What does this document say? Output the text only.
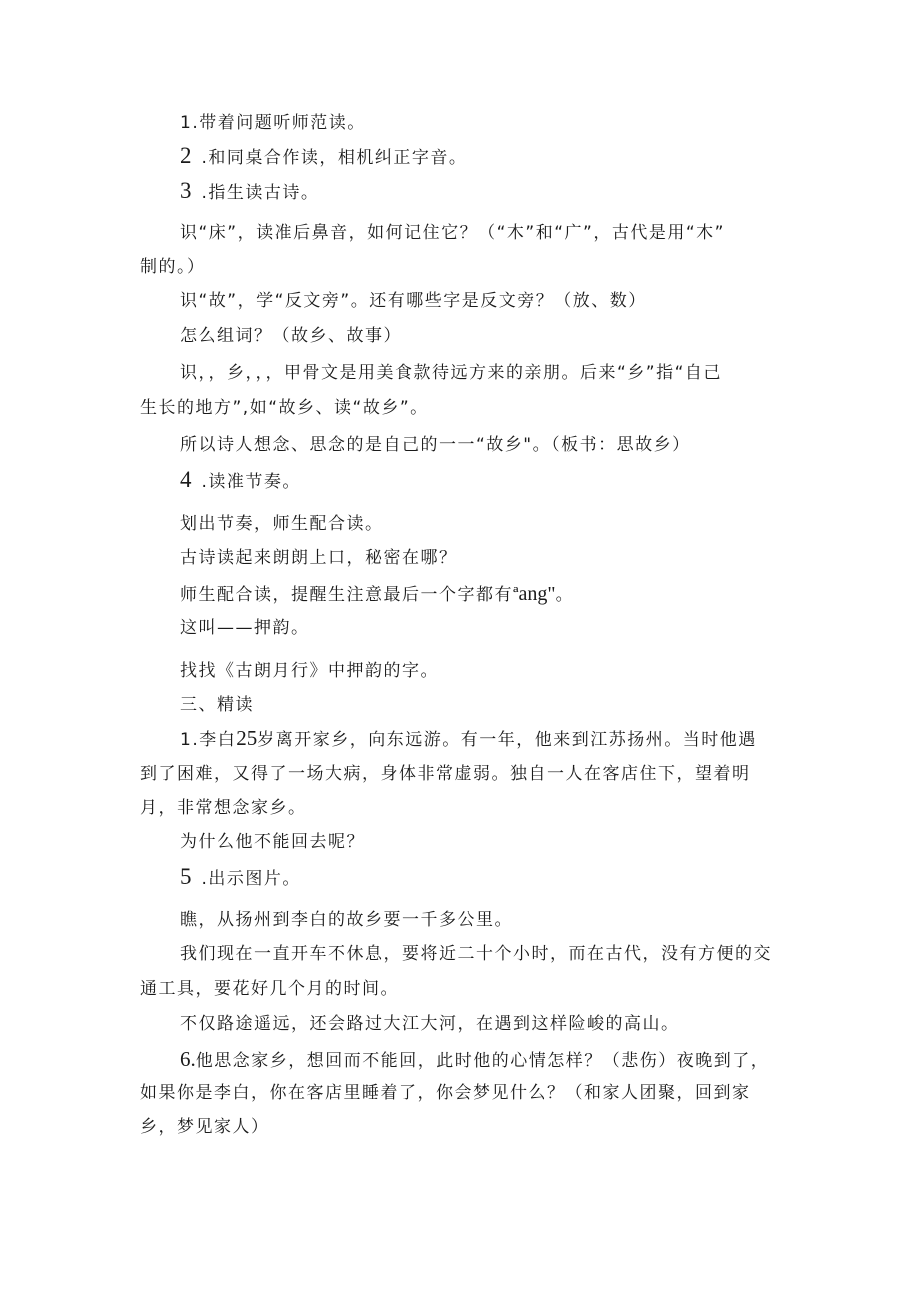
1.带着问题听师范读。
2 .和同桌合作读，相机纠正字音。
3 .指生读古诗。
识“床”，读准后鼻音，如何记住它？（“木”和“广”，古代是用“木”
制的。）
识“故”，学“反文旁”。还有哪些字是反文旁？（放、数）
怎么组词？（故乡、故事）
识，，乡，，，甲骨文是用美食款待远方来的亲朋。后来“乡”指“自己
生长的地方”,如“故乡、读“故乡”。
所以诗人想念、思念的是自己的一一“故乡"。（板书：思故乡）
4 .读准节奏。
划出节奏，师生配合读。
古诗读起来朗朗上口，秘密在哪？
师生配合读，提醒生注意最后一个字都有ªang"。
这叫——押韵。
找找《古朗月行》中押韵的字。
三、精读
1.李白25岁离开家乡，向东远游。有一年，他来到江苏扬州。当时他遇
到了困难，又得了一场大病，身体非常虚弱。独自一人在客店住下，望着明
月，非常想念家乡。
为什么他不能回去呢？
5 .出示图片。
瞧，从扬州到李白的故乡要一千多公里。
我们现在一直开车不休息，要将近二十个小时，而在古代，没有方便的交
通工具，要花好几个月的时间。
不仅路途遥远，还会路过大江大河，在遇到这样险峻的高山。
6.他思念家乡，想回而不能回，此时他的心情怎样？（悲伤）夜晚到了，
如果你是李白，你在客店里睡着了，你会梦见什么？（和家人团聚，回到家
乡，梦见家人）
